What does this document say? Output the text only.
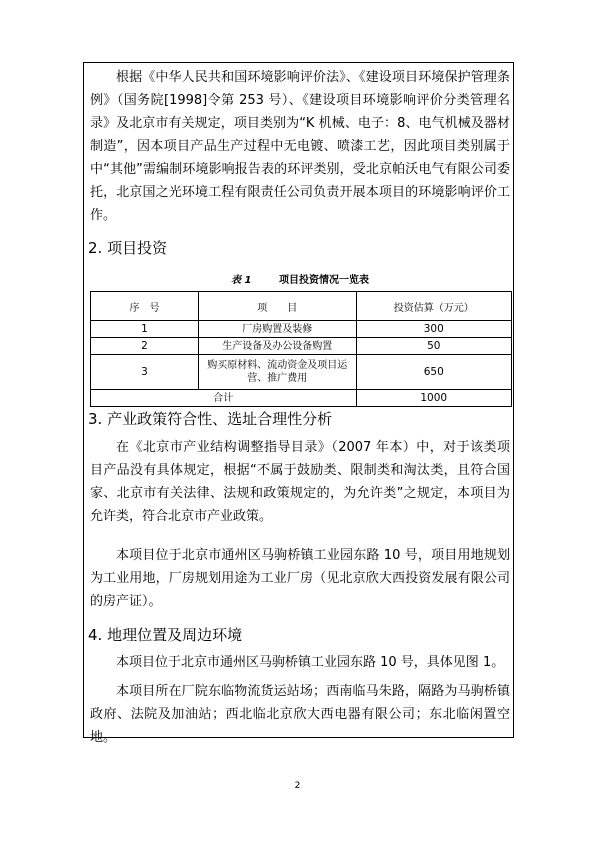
根据《中华人民共和国环境影响评价法》、《建设项目环境保护管理条例》（国务院[1998]令第 253 号）、《建设项目环境影响评价分类管理名录》及北京市有关规定，项目类别为“K 机械、电子：8、电气机械及器材制造”，因本项目产品生产过程中无电镀、喷漆工艺，因此项目类别属于中“其他”需编制环境影响报告表的环评类别，受北京帕沃电气有限公司委托，北京国之光环境工程有限责任公司负责开展本项目的环境影响评价工作。

2. 项目投资
表 1	项目投资情况一览表
序　号	项　　目	投资估算（万元）
1	厂房购置及装修	300
2	生产设备及办公设备购置	50
3	购买原材料、流动资金及项目运营、推广费用	650
合计		1000
3. 产业政策符合性、选址合理性分析

在《北京市产业结构调整指导目录》（2007 年本）中，对于该类项目产品没有具体规定，根据“不属于鼓励类、限制类和淘汰类，且符合国家、北京市有关法律、法规和政策规定的，为允许类”之规定，本项目为允许类，符合北京市产业政策。

本项目位于北京市通州区马驹桥镇工业园东路 10 号，项目用地规划为工业用地，厂房规划用途为工业厂房（见北京欣大西投资发展有限公司的房产证）。

4. 地理位置及周边环境

本项目位于北京市通州区马驹桥镇工业园东路 10 号，具体见图 1。

本项目所在厂院东临物流货运站场；西南临马朱路，隔路为马驹桥镇政府、法院及加油站；西北临北京欣大西电器有限公司；东北临闲置空地。

2
